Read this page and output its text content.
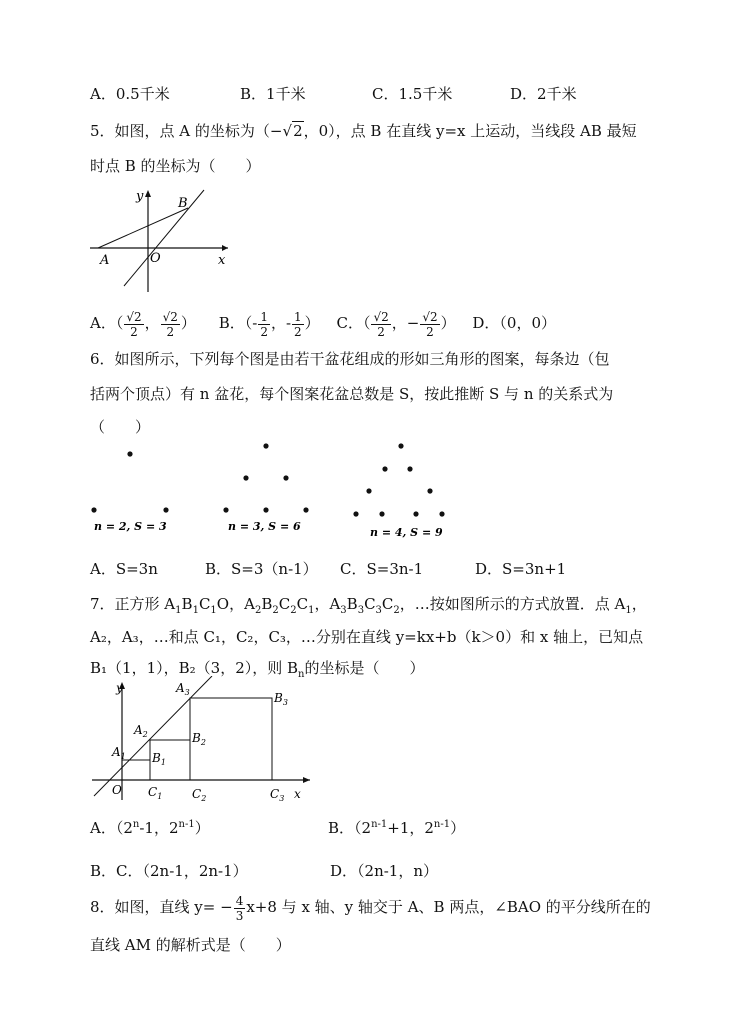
A．0.5千米	B．1千米	C．1.5千米	D．2千米
5．如图，点 A 的坐标为（−√2，0），点 B 在直线 y=x 上运动，当线段 AB 最短
时点 B 的坐标为（　　）
y
x
A	O
B
A．（ $\frac{√2}{2}$ ， $\frac{√2}{2}$ ） B．（- $\frac{1}{2}$ ，- $\frac{1}{2}$ ） C．（ $\frac{√2}{2}$ ，− $\frac{√2}{2}$ ） D．（0，0）
6．如图所示，下列每个图是由若干盆花组成的形如三角形的图案，每条边（包
括两个顶点）有 n 盆花，每个图案花盆总数是 S，按此推断 S 与 n 的关系式为
（　　）
n = 2, S = 3	n = 3, S = 6	n = 4, S = 9
A．S=3n	B．S=3（n-1） C．S=3n-1	D．S=3n+1
7．正方形 $A_1B_1C_1O$，$A_2B_2C_2C_1$，$A_3B_3C_3C_2$，…按如图所示的方式放置．点 $A_1$，
A₂，A₃，…和点 C₁，C₂，C₃，…分别在直线 y=kx+b（k＞0）和 x 轴上，已知点
B₁（1，1），B₂（3，2），则 $B_n$的坐标是（　　）
y
x
O
$A_1$
$A_2$
$A_3$
$B_1$
$B_2$
$B_3$
$C_1$ $C_2$	$C_3$
A．（2$^n$-1，2$^{n-1}$）	B．（$2^{n-1}+1$，2$^{n-1}$）
B．C．（2n-1，2n-1）	D．（2n-1，n）
8．如图，直线 $y= - \frac{4}{3} x+8$ 与 x 轴、y 轴交于 A、B 两点，∠BAO 的平分线所在的
直线 AM 的解析式是（　　）
